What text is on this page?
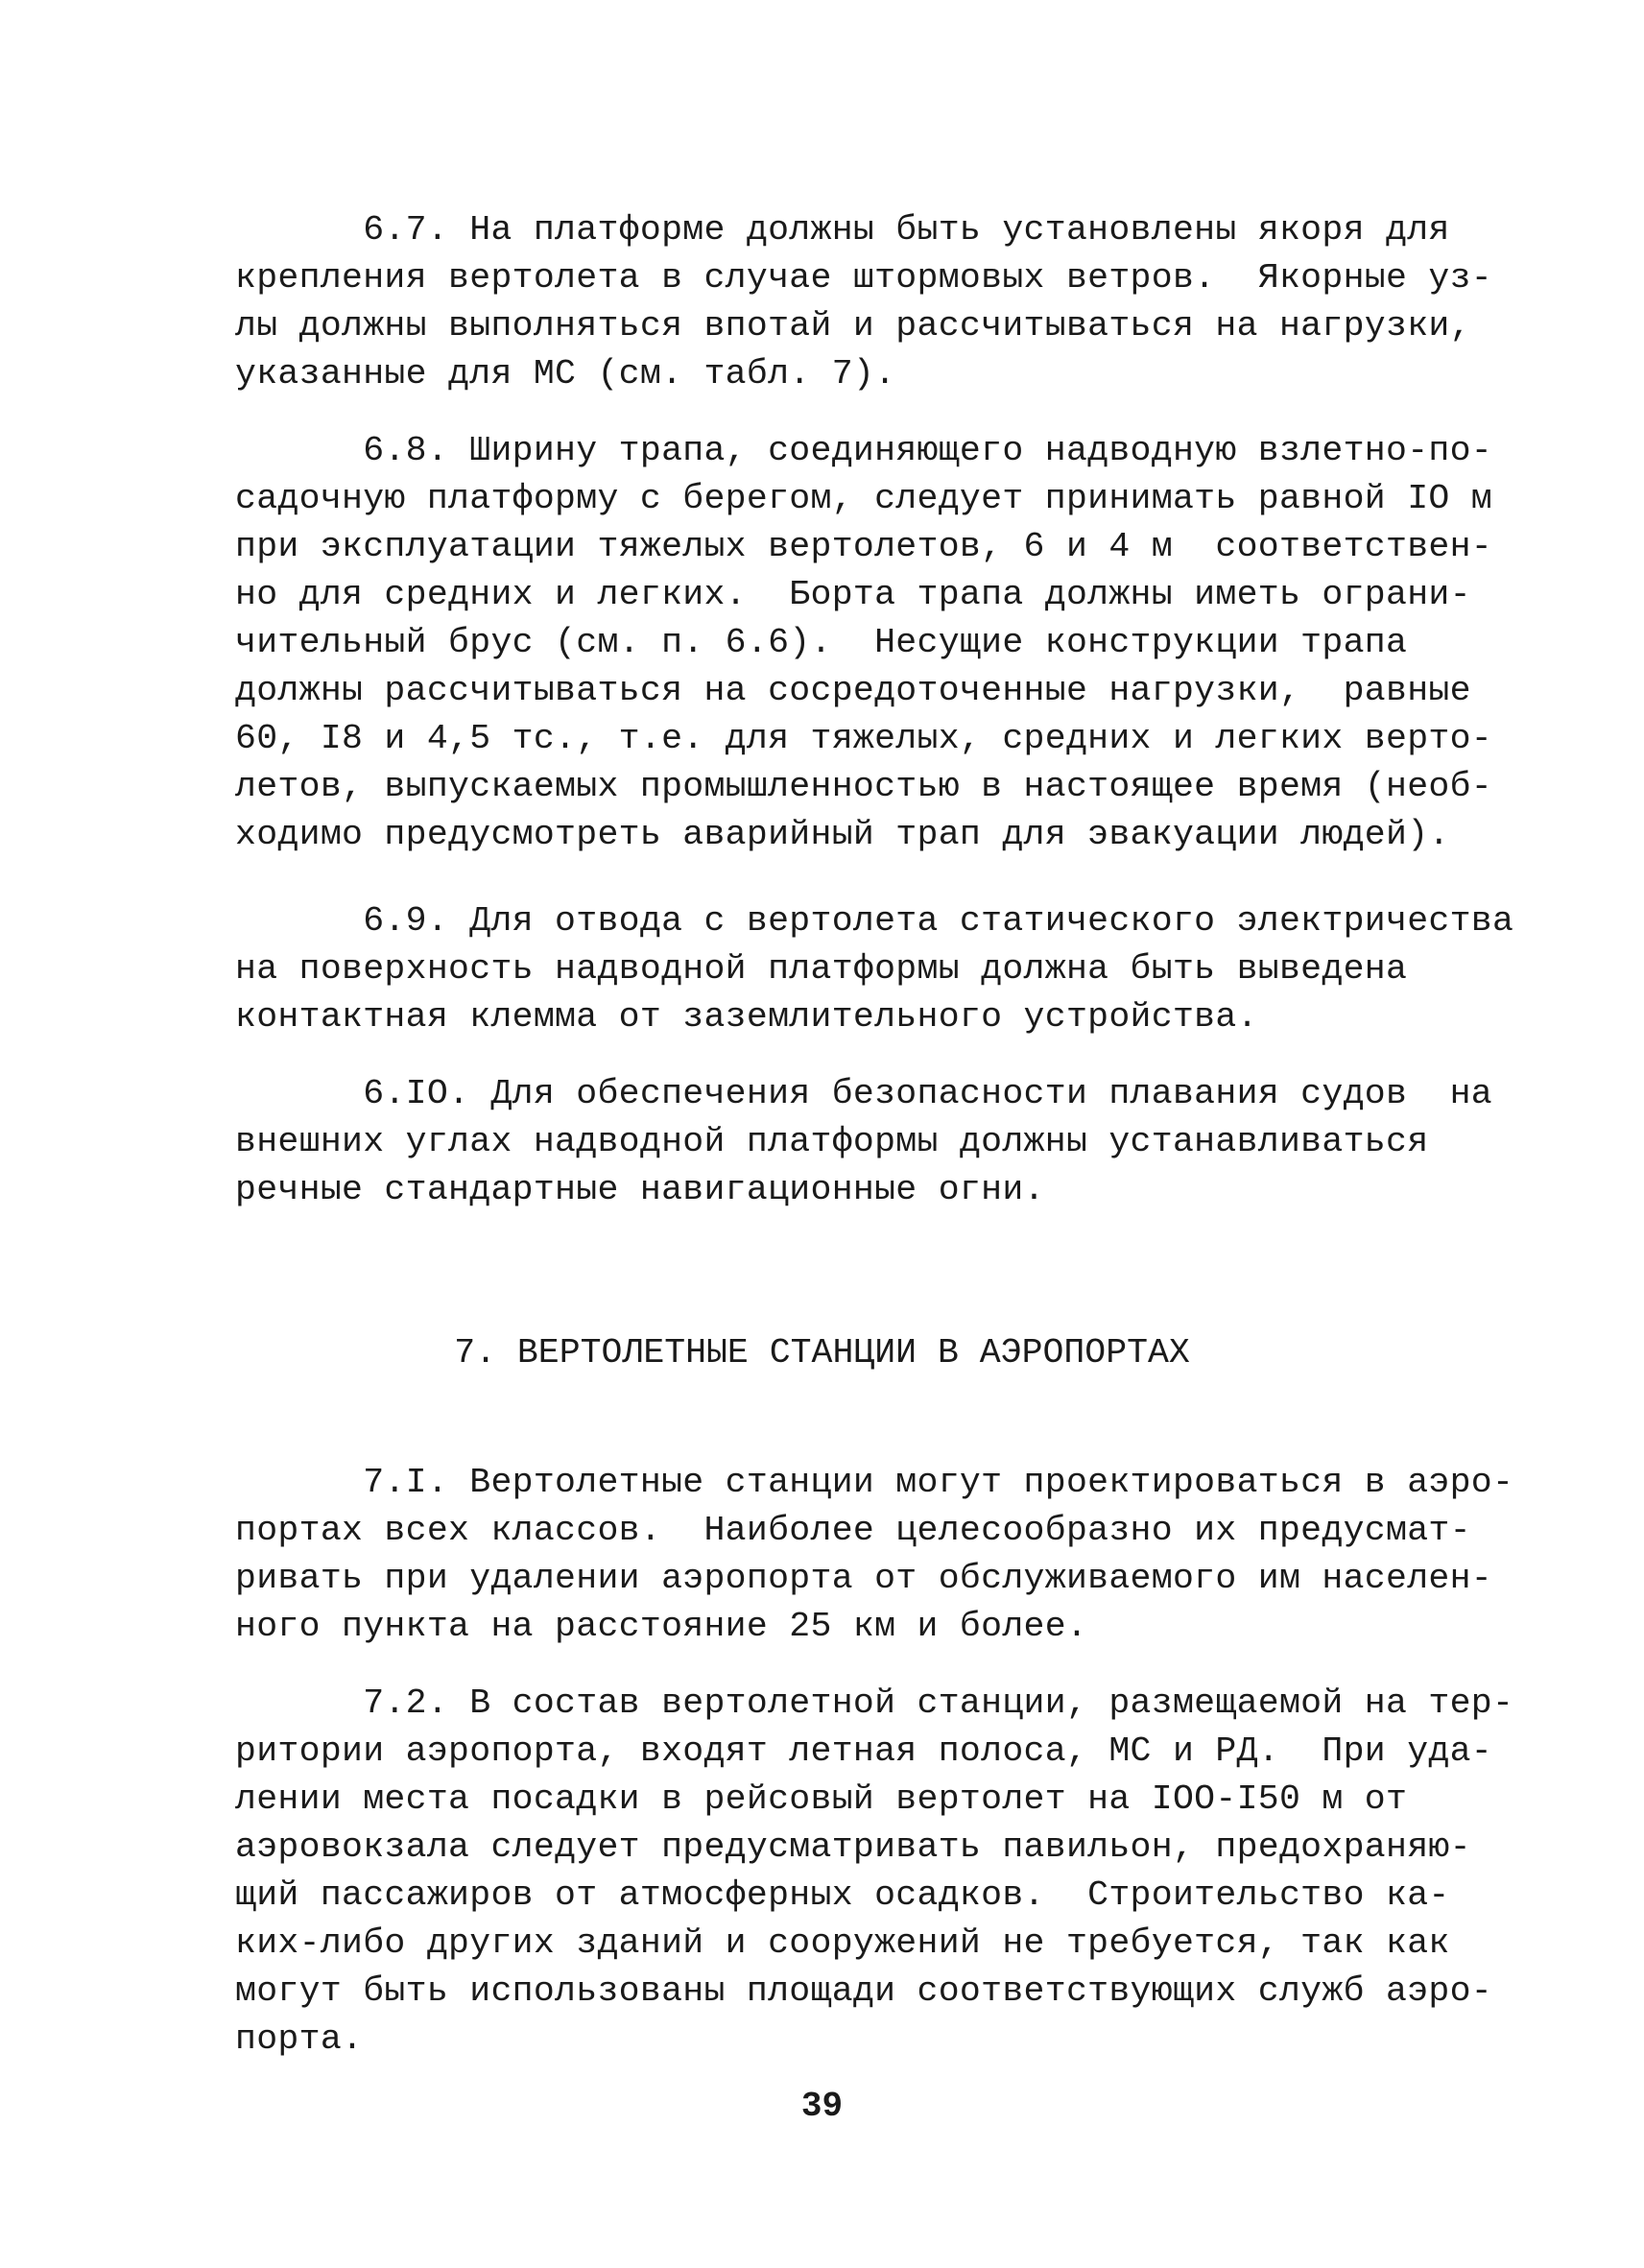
6.7. На платформе должны быть установлены якоря для
крепления вертолета в случае штормовых ветров.  Якорные уз-
лы должны выполняться впотай и рассчитываться на нагрузки,
указанные для МС (см. табл. 7).
6.8. Ширину трапа, соединяющего надводную взлетно-по-
садочную платформу с берегом, следует принимать равной IO м
при эксплуатации тяжелых вертолетов, 6 и 4 м  соответствен-
но для средних и легких.  Борта трапа должны иметь ограни-
чительный брус (см. п. 6.6).  Несущие конструкции трапа
должны рассчитываться на сосредоточенные нагрузки,  равные
60, I8 и 4,5 тс., т.е. для тяжелых, средних и легких верто-
летов, выпускаемых промышленностью в настоящее время (необ-
ходимо предусмотреть аварийный трап для эвакуации людей).
6.9. Для отвода с вертолета статического электричества
на поверхность надводной платформы должна быть выведена
контактная клемма от заземлительного устройства.
6.IO. Для обеспечения безопасности плавания судов  на
внешних углах надводной платформы должны устанавливаться
речные стандартные навигационные огни.
7. ВЕРТОЛЕТНЫЕ СТАНЦИИ В АЭРОПОРТАХ
7.I. Вертолетные станции могут проектироваться в аэро-
портах всех классов.  Наиболее целесообразно их предусмат-
ривать при удалении аэропорта от обслуживаемого им населен-
ного пункта на расстояние 25 км и более.
7.2. В состав вертолетной станции, размещаемой на тер-
ритории аэропорта, входят летная полоса, МС и РД.  При уда-
лении места посадки в рейсовый вертолет на IOO-I50 м от
аэровокзала следует предусматривать павильон, предохраняю-
щий пассажиров от атмосферных осадков.  Строительство ка-
ких-либо других зданий и сооружений не требуется, так как
могут быть использованы площади соответствующих служб аэро-
порта.
39
